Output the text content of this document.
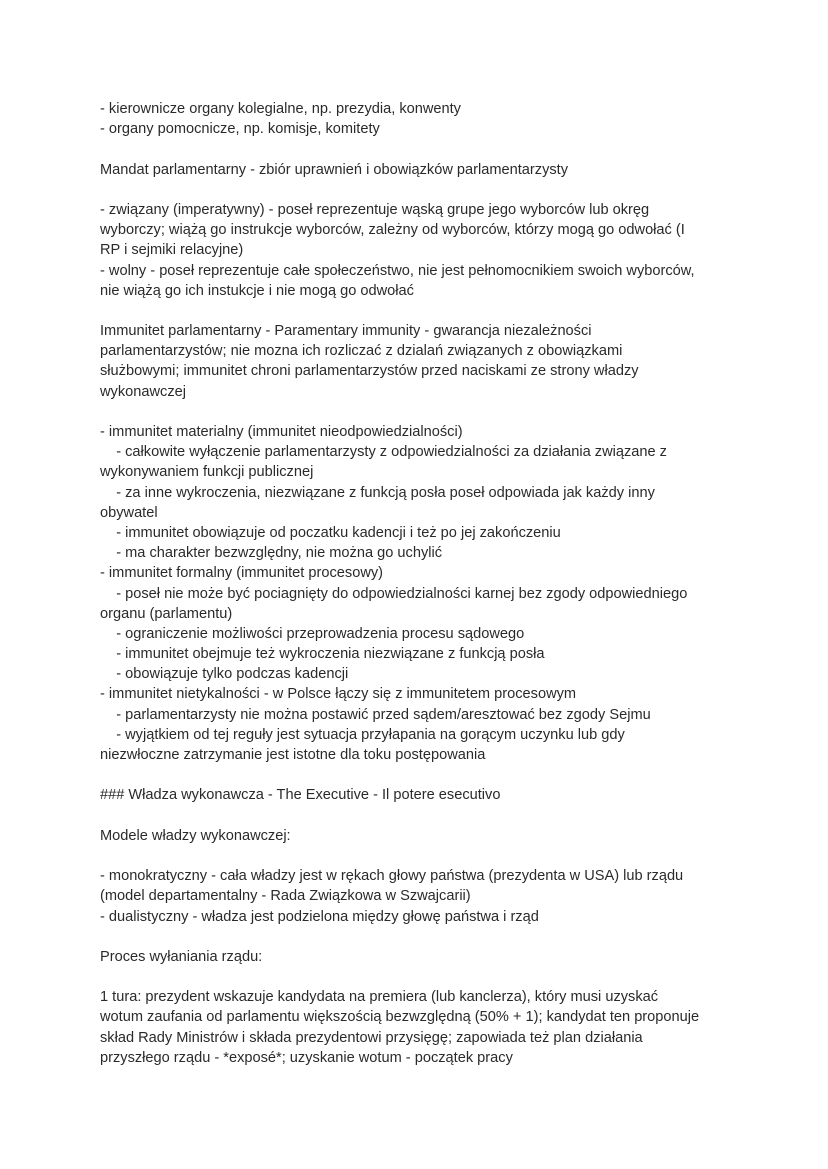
- kierownicze organy kolegialne, np. prezydia, konwenty
- organy pomocnicze, np. komisje, komitety
Mandat parlamentarny - zbiór uprawnień i obowiązków parlamentarzysty
- związany (imperatywny) - poseł reprezentuje wąską grupe jego wyborców lub okręg
wyborczy; wiążą go instrukcje wyborców, zależny od wyborców, którzy mogą go odwołać (I
RP i sejmiki relacyjne)
- wolny - poseł reprezentuje całe społeczeństwo, nie jest pełnomocnikiem swoich wyborców,
nie wiążą go ich instukcje i nie mogą go odwołać
Immunitet parlamentarny - Paramentary immunity - gwarancja niezależności
parlamentarzystów; nie mozna ich rozliczać z dzialań związanych z obowiązkami
służbowymi; immunitet chroni parlamentarzystów przed naciskami ze strony władzy
wykonawczej
- immunitet materialny (immunitet nieodpowiedzialności)
- całkowite wyłączenie parlamentarzysty z odpowiedzialności za działania związane z
wykonywaniem funkcji publicznej
- za inne wykroczenia, niezwiązane z funkcją posła poseł odpowiada jak każdy inny
obywatel
- immunitet obowiązuje od poczatku kadencji i też po jej zakończeniu
- ma charakter bezwzględny, nie można go uchylić
- immunitet formalny (immunitet procesowy)
- poseł nie może być pociagnięty do odpowiedzialności karnej bez zgody odpowiedniego
organu (parlamentu)
- ograniczenie możliwości przeprowadzenia procesu sądowego
- immunitet obejmuje też wykroczenia niezwiązane z funkcją posła
- obowiązuje tylko podczas kadencji
- immunitet nietykalności - w Polsce łączy się z immunitetem procesowym
- parlamentarzysty nie można postawić przed sądem/aresztować bez zgody Sejmu
- wyjątkiem od tej reguły jest sytuacja przyłapania na gorącym uczynku lub gdy
niezwłoczne zatrzymanie jest istotne dla toku postępowania
### Władza wykonawcza - The Executive - Il potere esecutivo
Modele władzy wykonawczej:
- monokratyczny - cała władzy jest w rękach głowy państwa (prezydenta w USA) lub rządu
(model departamentalny - Rada Związkowa w Szwajcarii)
- dualistyczny - władza jest podzielona między głowę państwa i rząd
Proces wyłaniania rządu:
1 tura: prezydent wskazuje kandydata na premiera (lub kanclerza), który musi uzyskać
wotum zaufania od parlamentu większością bezwzględną (50% + 1); kandydat ten proponuje
skład Rady Ministrów i składa prezydentowi przysięgę; zapowiada też plan działania
przyszłego rządu - *exposé*; uzyskanie wotum - początek pracy
